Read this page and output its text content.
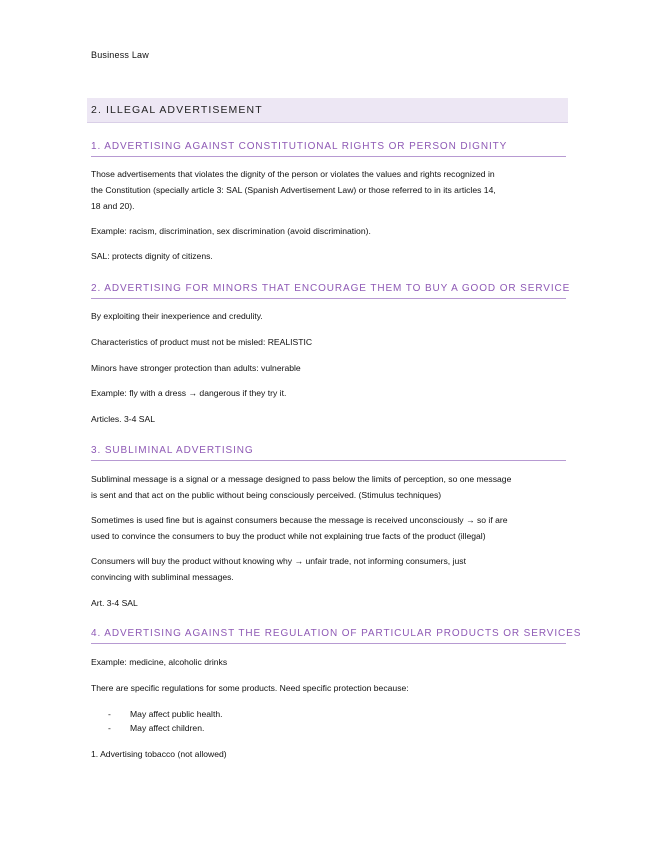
Business Law
2. ILLEGAL ADVERTISEMENT
1. ADVERTISING AGAINST CONSTITUTIONAL RIGHTS OR PERSON DIGNITY
Those advertisements that violates the dignity of the person or violates the values and rights recognized in
the Constitution (specially article 3: SAL (Spanish Advertisement Law) or those referred to in its articles 14,
18 and 20).
Example: racism, discrimination, sex discrimination (avoid discrimination).
SAL: protects dignity of citizens.
2. ADVERTISING FOR MINORS THAT ENCOURAGE THEM TO BUY A GOOD OR SERVICE
By exploiting their inexperience and credulity.
Characteristics of product must not be misled: REALISTIC
Minors have stronger protection than adults: vulnerable
Example: fly with a dress → dangerous if they try it.
Articles. 3-4 SAL
3. SUBLIMINAL ADVERTISING
Subliminal message is a signal or a message designed to pass below the limits of perception, so one message
is sent and that act on the public without being consciously perceived. (Stimulus techniques)
Sometimes is used fine but is against consumers because the message is received unconsciously → so if are
used to convince the consumers to buy the product while not explaining true facts of the product (illegal)
Consumers will buy the product without knowing why → unfair trade, not informing consumers, just
convincing with subliminal messages.
Art. 3-4 SAL
4. ADVERTISING AGAINST THE REGULATION OF PARTICULAR PRODUCTS OR SERVICES
Example: medicine, alcoholic drinks
There are specific regulations for some products. Need specific protection because:
- May affect public health.
- May affect children.
1. Advertising tobacco (not allowed)
